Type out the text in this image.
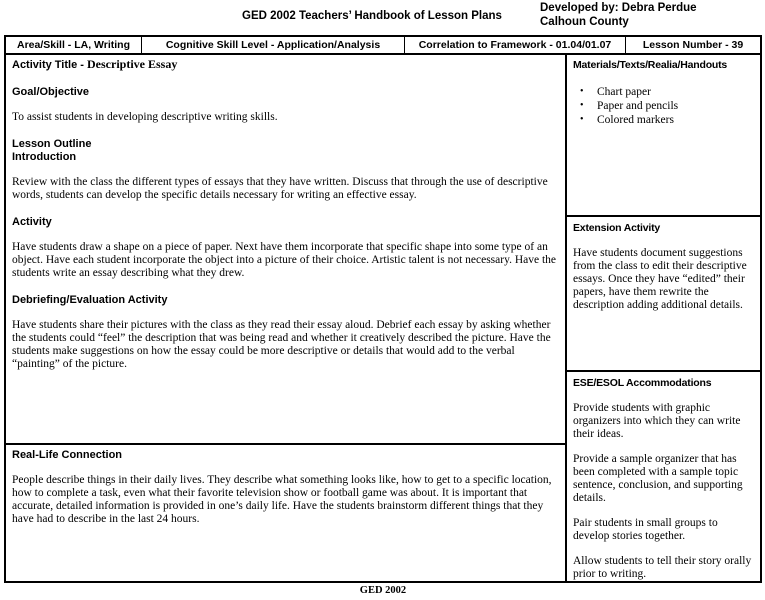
GED 2002 Teachers’ Handbook of Lesson Plans
Developed by: Debra Perdue
Calhoun County
Area/Skill - LA, Writing	Cognitive Skill Level - Application/Analysis	Correlation to Framework - 01.04/01.07	Lesson Number - 39
Activity Title - Descriptive Essay
Goal/Objective
To assist students in developing descriptive writing skills.
Lesson Outline
Introduction
Review with the class the different types of essays that they have written. Discuss that through the use of descriptive words, students can develop the specific details necessary for writing an effective essay.
Activity
Have students draw a shape on a piece of paper. Next have them incorporate that specific shape into some type of an object. Have each student incorporate the object into a picture of their choice. Artistic talent is not necessary. Have the students write an essay describing what they drew.
Debriefing/Evaluation Activity
Have students share their pictures with the class as they read their essay aloud. Debrief each essay by asking whether the students could “feel” the description that was being read and whether it creatively described the picture. Have the students make suggestions on how the essay could be more descriptive or details that would add to the verbal “painting” of the picture.
Real-Life Connection
People describe things in their daily lives. They describe what something looks like, how to get to a specific location, how to complete a task, even what their favorite television show or football game was about. It is important that accurate, detailed information is provided in one’s daily life. Have the students brainstorm different things that they have had to describe in the last 24 hours.
Materials/Texts/Realia/Handouts
•	Chart paper
•	Paper and pencils
•	Colored markers
Extension Activity
Have students document suggestions from the class to edit their descriptive essays. Once they have “edited” their papers, have them rewrite the description adding additional details.
ESE/ESOL Accommodations
Provide students with graphic organizers into which they can write their ideas.
Provide a sample organizer that has been completed with a sample topic sentence, conclusion, and supporting details.
Pair students in small groups to develop stories together.
Allow students to tell their story orally prior to writing.
GED 2002
